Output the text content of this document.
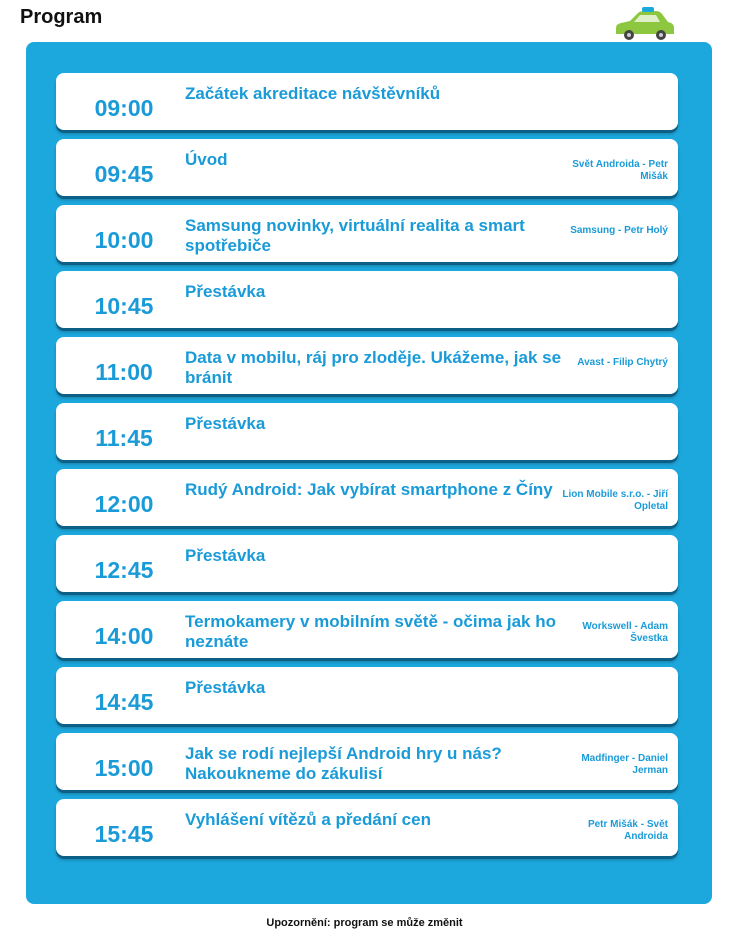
Program
09:00
Začátek akreditace návštěvníků
09:45
Úvod	Svět Androida - Petr Mišák
10:00
Samsung novinky, virtuální realita a smart spotřebiče
Samsung - Petr Holý
10:45
Přestávka
11:00
Data v mobilu, ráj pro zloděje. Ukážeme, jak se bránit
Avast - Filip Chytrý
11:45
Přestávka
12:00
Rudý Android: Jak vybírat smartphone z Číny Lion Mobile s.r.o. - Jiří Opletal
12:45
Přestávka
14:00
Termokamery v mobilním světě - očima jak ho neznáte
Workswell - Adam Švestka
14:45
Přestávka
15:00
Jak se rodí nejlepší Android hry u nás? Nakoukneme do zákulisí
Madfinger - Daniel Jerman
15:45
Vyhlášení vítězů a předání cen	Petr Mišák - Svět Androida
Upozornění: program se může změnit
